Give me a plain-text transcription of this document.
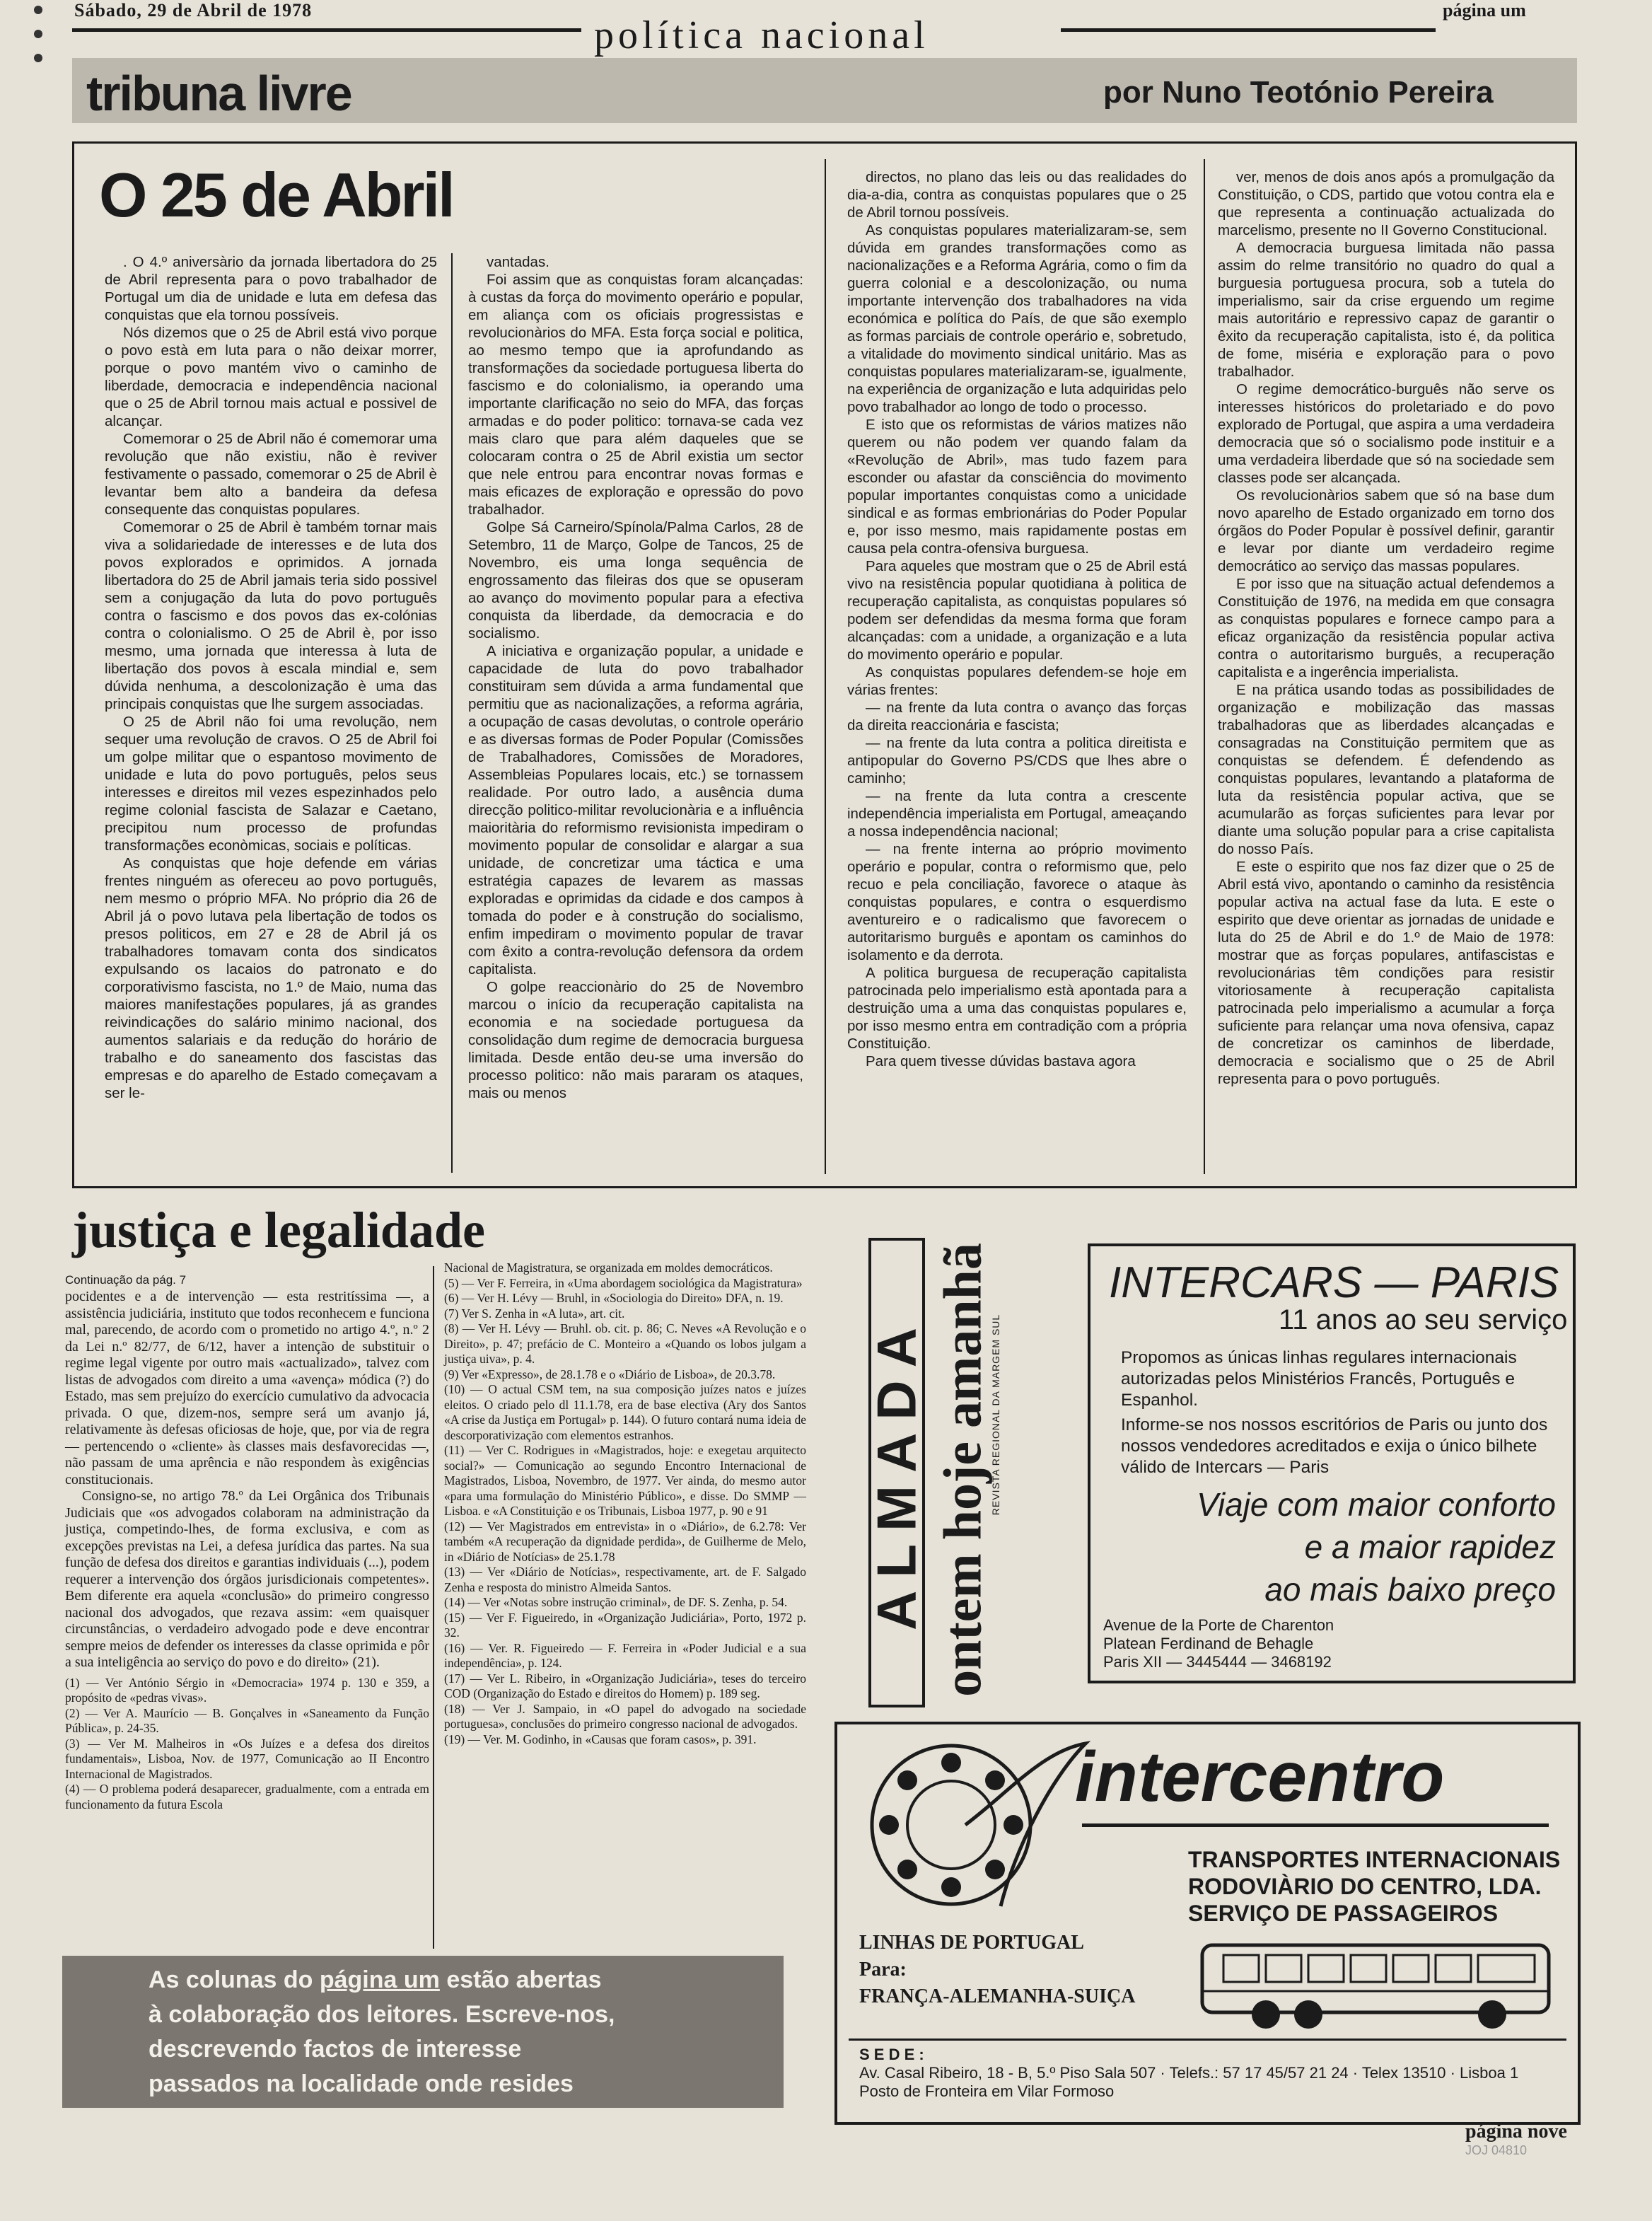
Sábado, 29 de Abril de 1978
política nacional
página um
tribuna livre	por Nuno Teotónio Pereira
O 25 de Abril

. O 4.º aniversàrio da jornada libertadora do 25 de Abril representa para o povo trabalhador de Portugal um dia de unidade e luta em defesa das conquistas que ela tornou possíveis.

Nós dizemos que o 25 de Abril está vivo porque o povo està em luta para o não deixar morrer, porque o povo mantém vivo o caminho de liberdade, democracia e independência nacional que o 25 de Abril tornou mais actual e possivel de alcançar.

Comemorar o 25 de Abril não é comemorar uma revolução que não existiu, não è reviver festivamente o passado, comemorar o 25 de Abril è levantar bem alto a bandeira da defesa consequente das conquistas populares.

Comemorar o 25 de Abril è também tornar mais viva a solidariedade de interesses e de luta dos povos explorados e oprimidos. A jornada libertadora do 25 de Abril jamais teria sido possivel sem a conjugação da luta do povo português contra o fascismo e dos povos das ex-colónias contra o colonialismo. O 25 de Abril è, por isso mesmo, uma jornada que interessa à luta de libertação dos povos à escala mindial e, sem dúvida nenhuma, a descolonização è uma das principais conquistas que lhe surgem associadas.

O 25 de Abril não foi uma revolução, nem sequer uma revolução de cravos. O 25 de Abril foi um golpe militar que o espantoso movimento de unidade e luta do povo português, pelos seus interesses e direitos mil vezes espezinhados pelo regime colonial fascista de Salazar e Caetano, precipitou num processo de profundas transformações econòmicas, sociais e políticas.

As conquistas que hoje defende em várias frentes ninguém as ofereceu ao povo português, nem mesmo o próprio MFA. No próprio dia 26 de Abril já o povo lutava pela libertação de todos os presos politicos, em 27 e 28 de Abril já os trabalhadores tomavam conta dos sindicatos expulsando os lacaios do patronato e do corporativismo fascista, no 1.º de Maio, numa das maiores manifestações populares, já as grandes reivindicações do salário minimo nacional, dos aumentos salariais e da redução do horário de trabalho e do saneamento dos fascistas das empresas e do aparelho de Estado começavam a ser le-

vantadas.

Foi assim que as conquistas foram alcançadas: à custas da força do movimento operário e popular, em aliança com os oficiais progressistas e revolucionàrios do MFA. Esta força social e politica, ao mesmo tempo que ia aprofundando as transformações da sociedade portuguesa liberta do fascismo e do colonialismo, ia operando uma importante clarificação no seio do MFA, das forças armadas e do poder politico: tornava-se cada vez mais claro que para além daqueles que se colocaram contra o 25 de Abril existia um sector que nele entrou para encontrar novas formas e mais eficazes de exploração e opressão do povo trabalhador.

Golpe Sá Carneiro/Spínola/Palma Carlos, 28 de Setembro, 11 de Março, Golpe de Tancos, 25 de Novembro, eis uma longa sequência de engrossamento das fileiras dos que se opuseram ao avanço do movimento popular para a efectiva conquista da liberdade, da democracia e do socialismo.

A iniciativa e organização popular, a unidade e capacidade de luta do povo trabalhador constituiram sem dúvida a arma fundamental que permitiu que as nacionalizações, a reforma agrária, a ocupação de casas devolutas, o controle operário e as diversas formas de Poder Popular (Comissões de Trabalhadores, Comissões de Moradores, Assembleias Populares locais, etc.) se tornassem realidade. Por outro lado, a ausência duma direcção politico-militar revolucionària e a influência maioritària do reformismo revisionista impediram o movimento popular de consolidar e alargar a sua unidade, de concretizar uma táctica e uma estratégia capazes de levarem as massas exploradas e oprimidas da cidade e dos campos à tomada do poder e à construção do socialismo, enfim impediram o movimento popular de travar com êxito a contra-revolução defensora da ordem capitalista.

O golpe reaccionàrio do 25 de Novembro marcou o início da recuperação capitalista na economia e na sociedade portuguesa da consolidação dum regime de democracia burguesa limitada. Desde então deu-se uma inversão do processo politico: não mais pararam os ataques, mais ou menos

directos, no plano das leis ou das realidades do dia-a-dia, contra as conquistas populares que o 25 de Abril tornou possíveis.

As conquistas populares materializaram-se, sem dúvida em grandes transformações como as nacionalizações e a Reforma Agrária, como o fim da guerra colonial e a descolonização, ou numa importante intervenção dos trabalhadores na vida económica e política do País, de que são exemplo as formas parciais de controle operário e, sobretudo, a vitalidade do movimento sindical unitário. Mas as conquistas populares materializaram-se, igualmente, na experiência de organização e luta adquiridas pelo povo trabalhador ao longo de todo o processo.

E isto que os reformistas de vários matizes não querem ou não podem ver quando falam da «Revolução de Abril», mas tudo fazem para esconder ou afastar da consciência do movimento popular importantes conquistas como a unicidade sindical e as formas embrionárias do Poder Popular e, por isso mesmo, mais rapidamente postas em causa pela contra-ofensiva burguesa.

Para aqueles que mostram que o 25 de Abril está vivo na resistência popular quotidiana à politica de recuperação capitalista, as conquistas populares só podem ser defendidas da mesma forma que foram alcançadas: com a unidade, a organização e a luta do movimento operário e popular.

As conquistas populares defendem-se hoje em várias frentes:

— na frente da luta contra o avanço das forças da direita reaccionária e fascista;

— na frente da luta contra a politica direitista e antipopular do Governo PS/CDS que lhes abre o caminho;

— na frente da luta contra a crescente independência imperialista em Portugal, ameaçando a nossa independência nacional;

— na frente interna ao próprio movimento operário e popular, contra o reformismo que, pelo recuo e pela conciliação, favorece o ataque às conquistas populares, e contra o esquerdismo aventureiro e o radicalismo que favorecem o autoritarismo burguês e apontam os caminhos do isolamento e da derrota.

A politica burguesa de recuperação capitalista patrocinada pelo imperialismo està apontada para a destruição uma a uma das conquistas populares e, por isso mesmo entra em contradição com a própria Constituição.

Para quem tivesse dúvidas bastava agora

ver, menos de dois anos após a promulgação da Constituição, o CDS, partido que votou contra ela e que representa a continuação actualizada do marcelismo, presente no II Governo Constitucional.

A democracia burguesa limitada não passa assim do relme transitório no quadro do qual a burguesia portuguesa procura, sob a tutela do imperialismo, sair da crise erguendo um regime mais autoritário e repressivo capaz de garantir o êxito da recuperação capitalista, isto é, da politica de fome, miséria e exploração para o povo trabalhador.

O regime democrático-burguês não serve os interesses históricos do proletariado e do povo explorado de Portugal, que aspira a uma verdadeira democracia que só o socialismo pode instituir e a uma verdadeira liberdade que só na sociedade sem classes pode ser alcançada.

Os revolucionàrios sabem que só na base dum novo aparelho de Estado organizado em torno dos órgãos do Poder Popular è possível definir, garantir e levar por diante um verdadeiro regime democrático ao serviço das massas populares.

E por isso que na situação actual defendemos a Constituição de 1976, na medida em que consagra as conquistas populares e fornece campo para a eficaz organização da resistência popular activa contra o autoritarismo burguês, a recuperação capitalista e a ingerência imperialista.

E na prática usando todas as possibilidades de organização e mobilização das massas trabalhadoras que as liberdades alcançadas e consagradas na Constituição permitem que as conquistas se defendem. É defendendo as conquistas populares, levantando a plataforma de luta da resistência popular activa, que se acumularão as forças suficientes para levar por diante uma solução popular para a crise capitalista do nosso País.

E este o espirito que nos faz dizer que o 25 de Abril está vivo, apontando o caminho da resistência popular activa na actual fase da luta. E este o espirito que deve orientar as jornadas de unidade e luta do 25 de Abril e do 1.º de Maio de 1978: mostrar que as forças populares, antifascistas e revolucionárias têm condições para resistir vitoriosamente à recuperação capitalista patrocinada pelo imperialismo a acumular a força suficiente para relançar uma nova ofensiva, capaz de concretizar os caminhos de liberdade, democracia e socialismo que o 25 de Abril representa para o povo português.

justiça e legalidade
Continuação da pág. 7

pocidentes e a de intervenção — esta restritíssima —, a assistência judiciária, instituto que todos reconhecem e funciona mal, parecendo, de acordo com o prometido no artigo 4.º, n.º 2 da Lei n.º 82/77, de 6/12, haver a intenção de substituir o regime legal vigente por outro mais «actualizado», talvez com listas de advogados com direito a uma «avença» módica (?) do Estado, mas sem prejuízo do exercício cumulativo da advocacia privada. O que, dizem-nos, sempre será um avanjo já, relativamente às defesas oficiosas de hoje, que, por via de regra — pertencendo o «cliente» às classes mais desfavorecidas —, não passam de uma aprência e não respondem às exigências constitucionais.

Consigno-se, no artigo 78.º da Lei Orgânica dos Tribunais Judiciais que «os advogados colaboram na administração da justiça, competindo-lhes, de forma exclusiva, e com as excepções previstas na Lei, a defesa jurídica das partes. Na sua função de defesa dos direitos e garantias individuais (...), podem requerer a intervenção dos órgãos jurisdicionais competentes». Bem diferente era aquela «conclusão» do primeiro congresso nacional dos advogados, que rezava assim: «em quaisquer circunstâncias, o verdadeiro advogado pode e deve encontrar sempre meios de defender os interesses da classe oprimida e pôr a sua inteligência ao serviço do povo e do direito» (21).

(1) — Ver António Sérgio in «Democracia» 1974 p. 130 e 359, a propósito de «pedras vivas».

(2) — Ver A. Maurício — B. Gonçalves in «Saneamento da Função Pública», p. 24-35.

(3) — Ver M. Malheiros in «Os Juízes e a defesa dos direitos fundamentais», Lisboa, Nov. de 1977, Comunicação ao II Encontro Internacional de Magistrados.

(4) — O problema poderá desaparecer, gradualmente, com a entrada em funcionamento da futura Escola

Nacional de Magistratura, se organizada em moldes democráticos.

(5) — Ver F. Ferreira, in «Uma abordagem sociológica da Magistratura»

(6) — Ver H. Lévy — Bruhl, in «Sociologia do Direito» DFA, n. 19.

(7) Ver S. Zenha in «A luta», art. cit.

(8) — Ver H. Lévy — Bruhl. ob. cit. p. 86; C. Neves «A Revolução e o Direito», p. 47; prefácio de C. Monteiro a «Quando os lobos julgam a justiça uiva», p. 4.

(9) Ver «Expresso», de 28.1.78 e o «Diário de Lisboa», de 20.3.78.

(10) — O actual CSM tem, na sua composição juízes natos e juízes eleitos. O criado pelo dl 11.1.78, era de base electiva (Ary dos Santos «A crise da Justiça em Portugal» p. 144). O futuro contará numa ideia de descorporativização com elementos estranhos.

(11) — Ver C. Rodrigues in «Magistrados, hoje: e exegetau arquitecto social?» — Comunicação ao segundo Encontro Internacional de Magistrados, Lisboa, Novembro, de 1977. Ver ainda, do mesmo autor «para uma formulação do Ministério Público», e disse. Do SMMP — Lisboa. e «A Constituição e os Tribunais, Lisboa 1977, p. 90 e 91

(12) — Ver Magistrados em entrevista» in o «Diário», de 6.2.78: Ver também «A recuperação da dignidade perdida», de Guilherme de Melo, in «Diário de Notícias» de 25.1.78

(13) — Ver «Diário de Notícias», respectivamente, art. de F. Salgado Zenha e resposta do ministro Almeida Santos.

(14) — Ver «Notas sobre instrução criminal», de DF. S. Zenha, p. 54.

(15) — Ver F. Figueiredo, in «Organização Judiciária», Porto, 1972 p. 32.

(16) — Ver. R. Figueiredo — F. Ferreira in «Poder Judicial e a sua independência», p. 124.

(17) — Ver L. Ribeiro, in «Organização Judiciária», teses do terceiro COD (Organização do Estado e direitos do Homem) p. 189 seg.

(18) — Ver J. Sampaio, in «O papel do advogado na sociedade portuguesa», conclusões do primeiro congresso nacional de advogados.

(19) — Ver. M. Godinho, in «Causas que foram casos», p. 391.

As colunas do página um estão abertas
à colaboração dos leitores. Escreve-nos,
descrevendo factos de interesse
passados na localidade onde resides
ALMADA ontem hoje amanhã
REVISTA REGIONAL DA MARGEM SUL
INTERCARS — PARIS
11 anos ao seu serviço
Propomos as únicas linhas regulares internacionais autorizadas pelos Ministérios Francês, Português e Espanhol.
Informe-se nos nossos escritórios de Paris ou junto dos nossos vendedores acreditados e exija o único bilhete válido de Intercars — Paris
Viaje com maior conforto
e a maior rapidez
ao mais baixo preço
Avenue de la Porte de Charenton
Platean Ferdinand de Behagle
Paris XII — 3445444 — 3468192
intercentro
TRANSPORTES INTERNACIONAIS
RODOVIÀRIO DO CENTRO, LDA.
SERVIÇO DE PASSAGEIROS
LINHAS DE PORTUGAL
Para:
FRANÇA-ALEMANHA-SUIÇA
S E D E :
Av. Casal Ribeiro, 18 - B, 5.º Piso Sala 507 · Telefs.: 57 17 45/57 21 24 · Telex 13510 · Lisboa 1
Posto de Fronteira em Vilar Formoso
página nove
JOJ 04810
